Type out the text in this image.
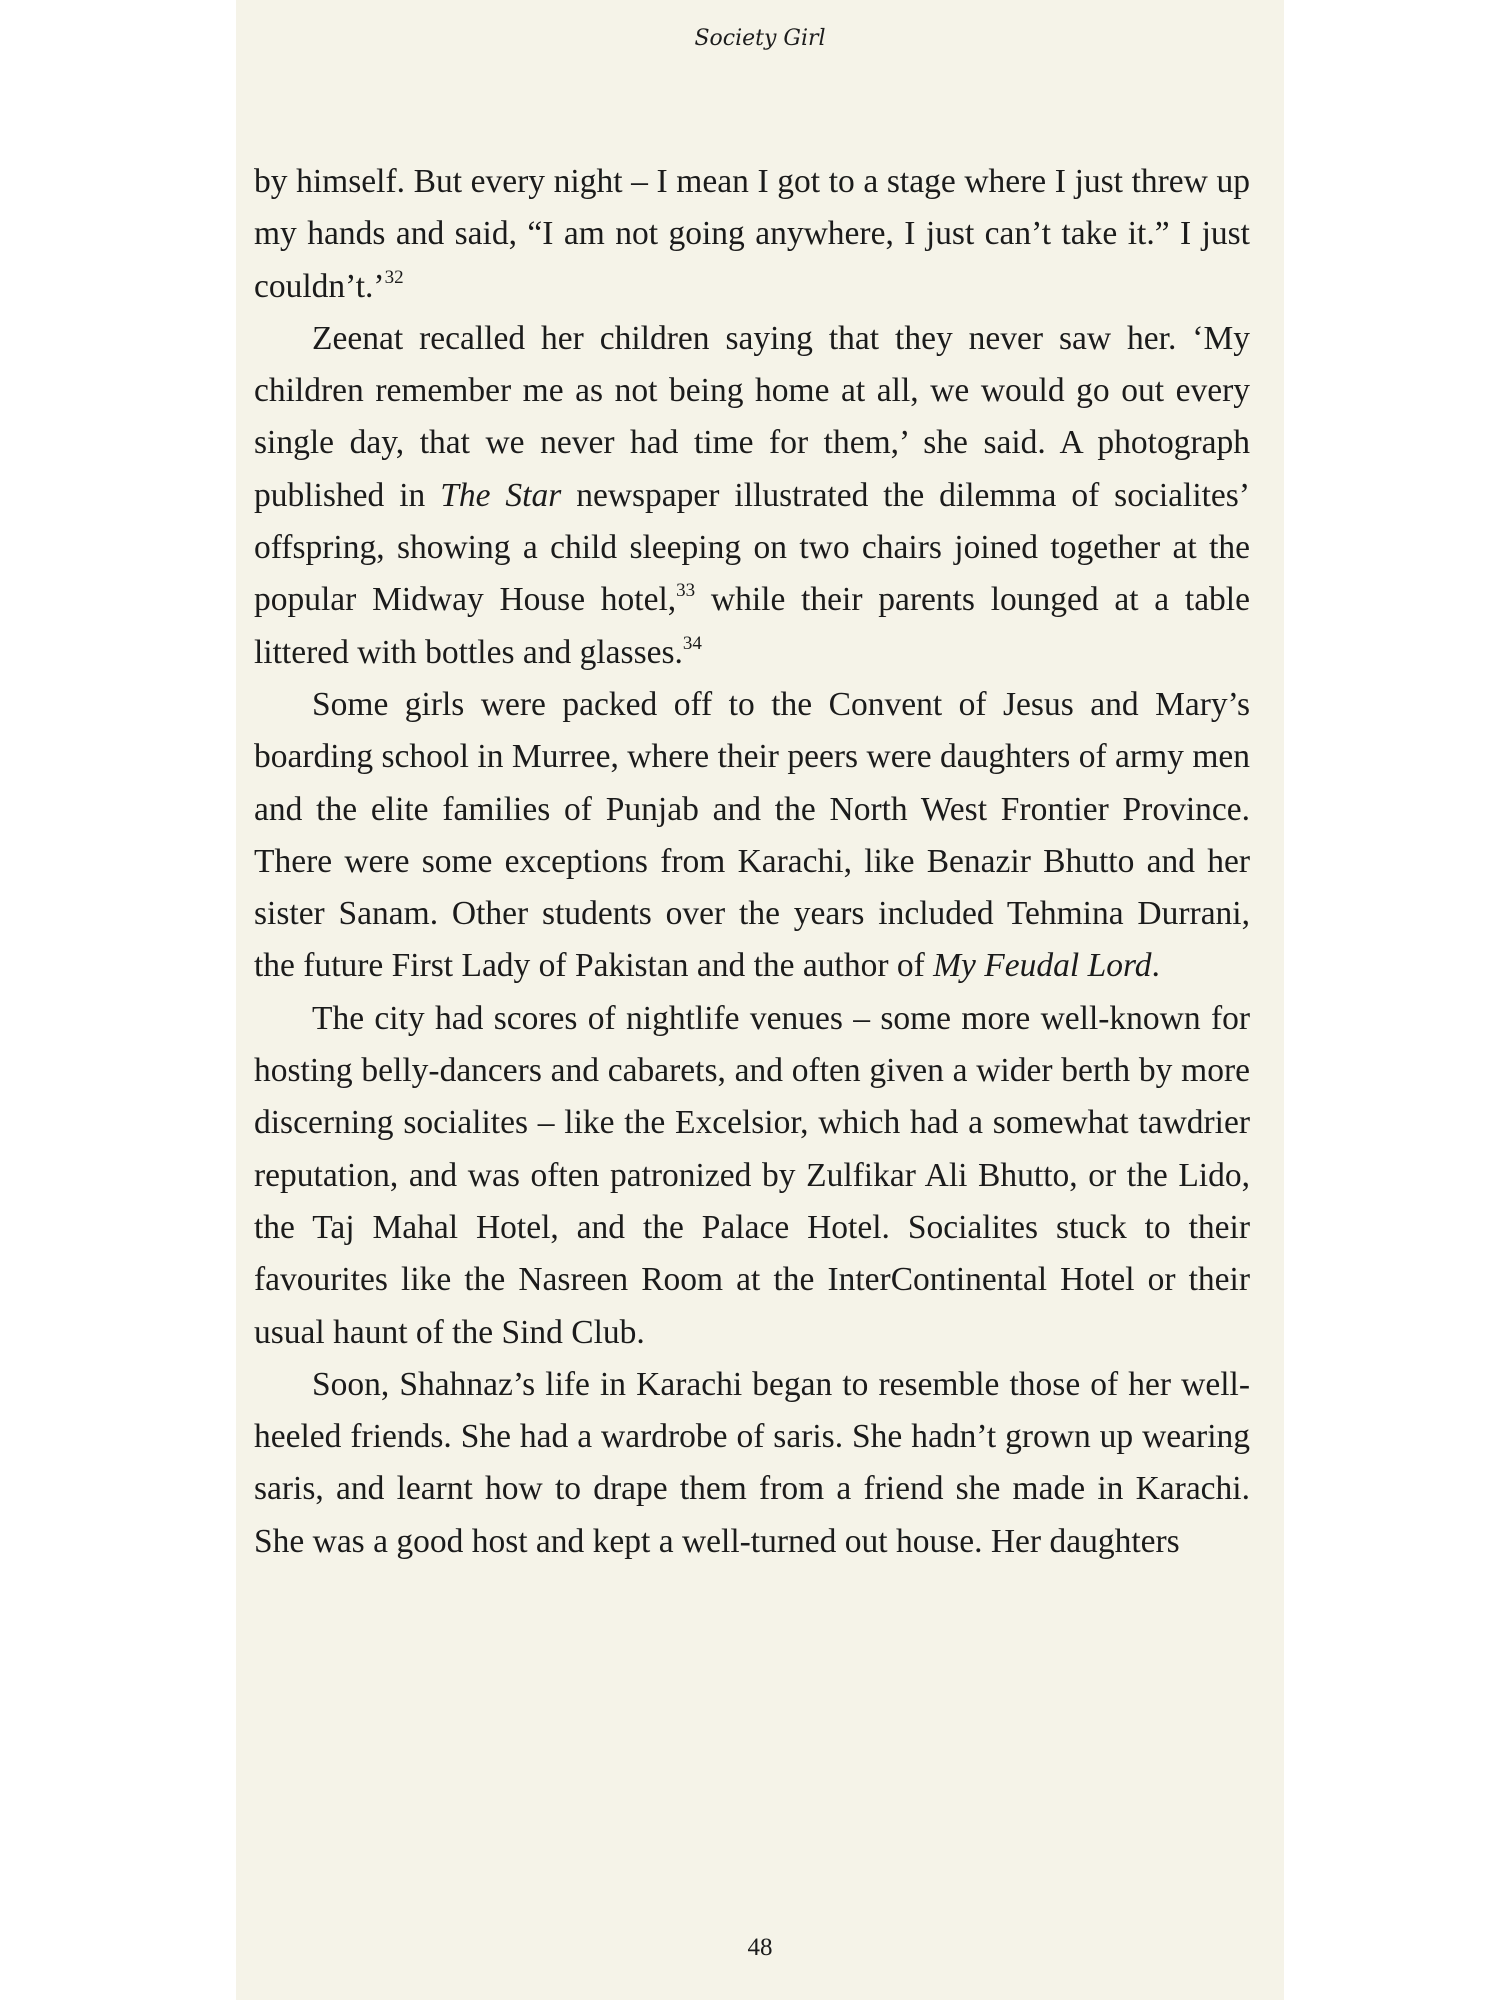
Society Girl

by himself. But every night – I mean I got to a stage where I just threw up my hands and said, “I am not going anywhere, I just can’t take it.” I just couldn’t.’$^{32}$

Zeenat recalled her children saying that they never saw her. ‘My children remember me as not being home at all, we would go out every single day, that we never had time for them,’ she said. A photograph published in The Star newspaper illustrated the dilemma of socialites’ offspring, showing a child sleeping on two chairs joined together at the popular Midway House hotel,$^{33}$ while their parents lounged at a table littered with bottles and glasses.$^{34}$

Some girls were packed off to the Convent of Jesus and Mary’s boarding school in Murree, where their peers were daughters of army men and the elite families of Punjab and the North West Frontier Province. There were some exceptions from Karachi, like Benazir Bhutto and her sister Sanam. Other students over the years included Tehmina Durrani, the future First Lady of Pakistan and the author of My Feudal Lord.

The city had scores of nightlife venues – some more well-known for hosting belly-dancers and cabarets, and often given a wider berth by more discerning socialites – like the Excelsior, which had a somewhat tawdrier reputation, and was often patronized by Zulfikar Ali Bhutto, or the Lido, the Taj Mahal Hotel, and the Palace Hotel. Socialites stuck to their favourites like the Nasreen Room at the InterContinental Hotel or their usual haunt of the Sind Club.

Soon, Shahnaz’s life in Karachi began to resemble those of her well-heeled friends. She had a wardrobe of saris. She hadn’t grown up wearing saris, and learnt how to drape them from a friend she made in Karachi. She was a good host and kept a well-turned out house. Her daughters

48
